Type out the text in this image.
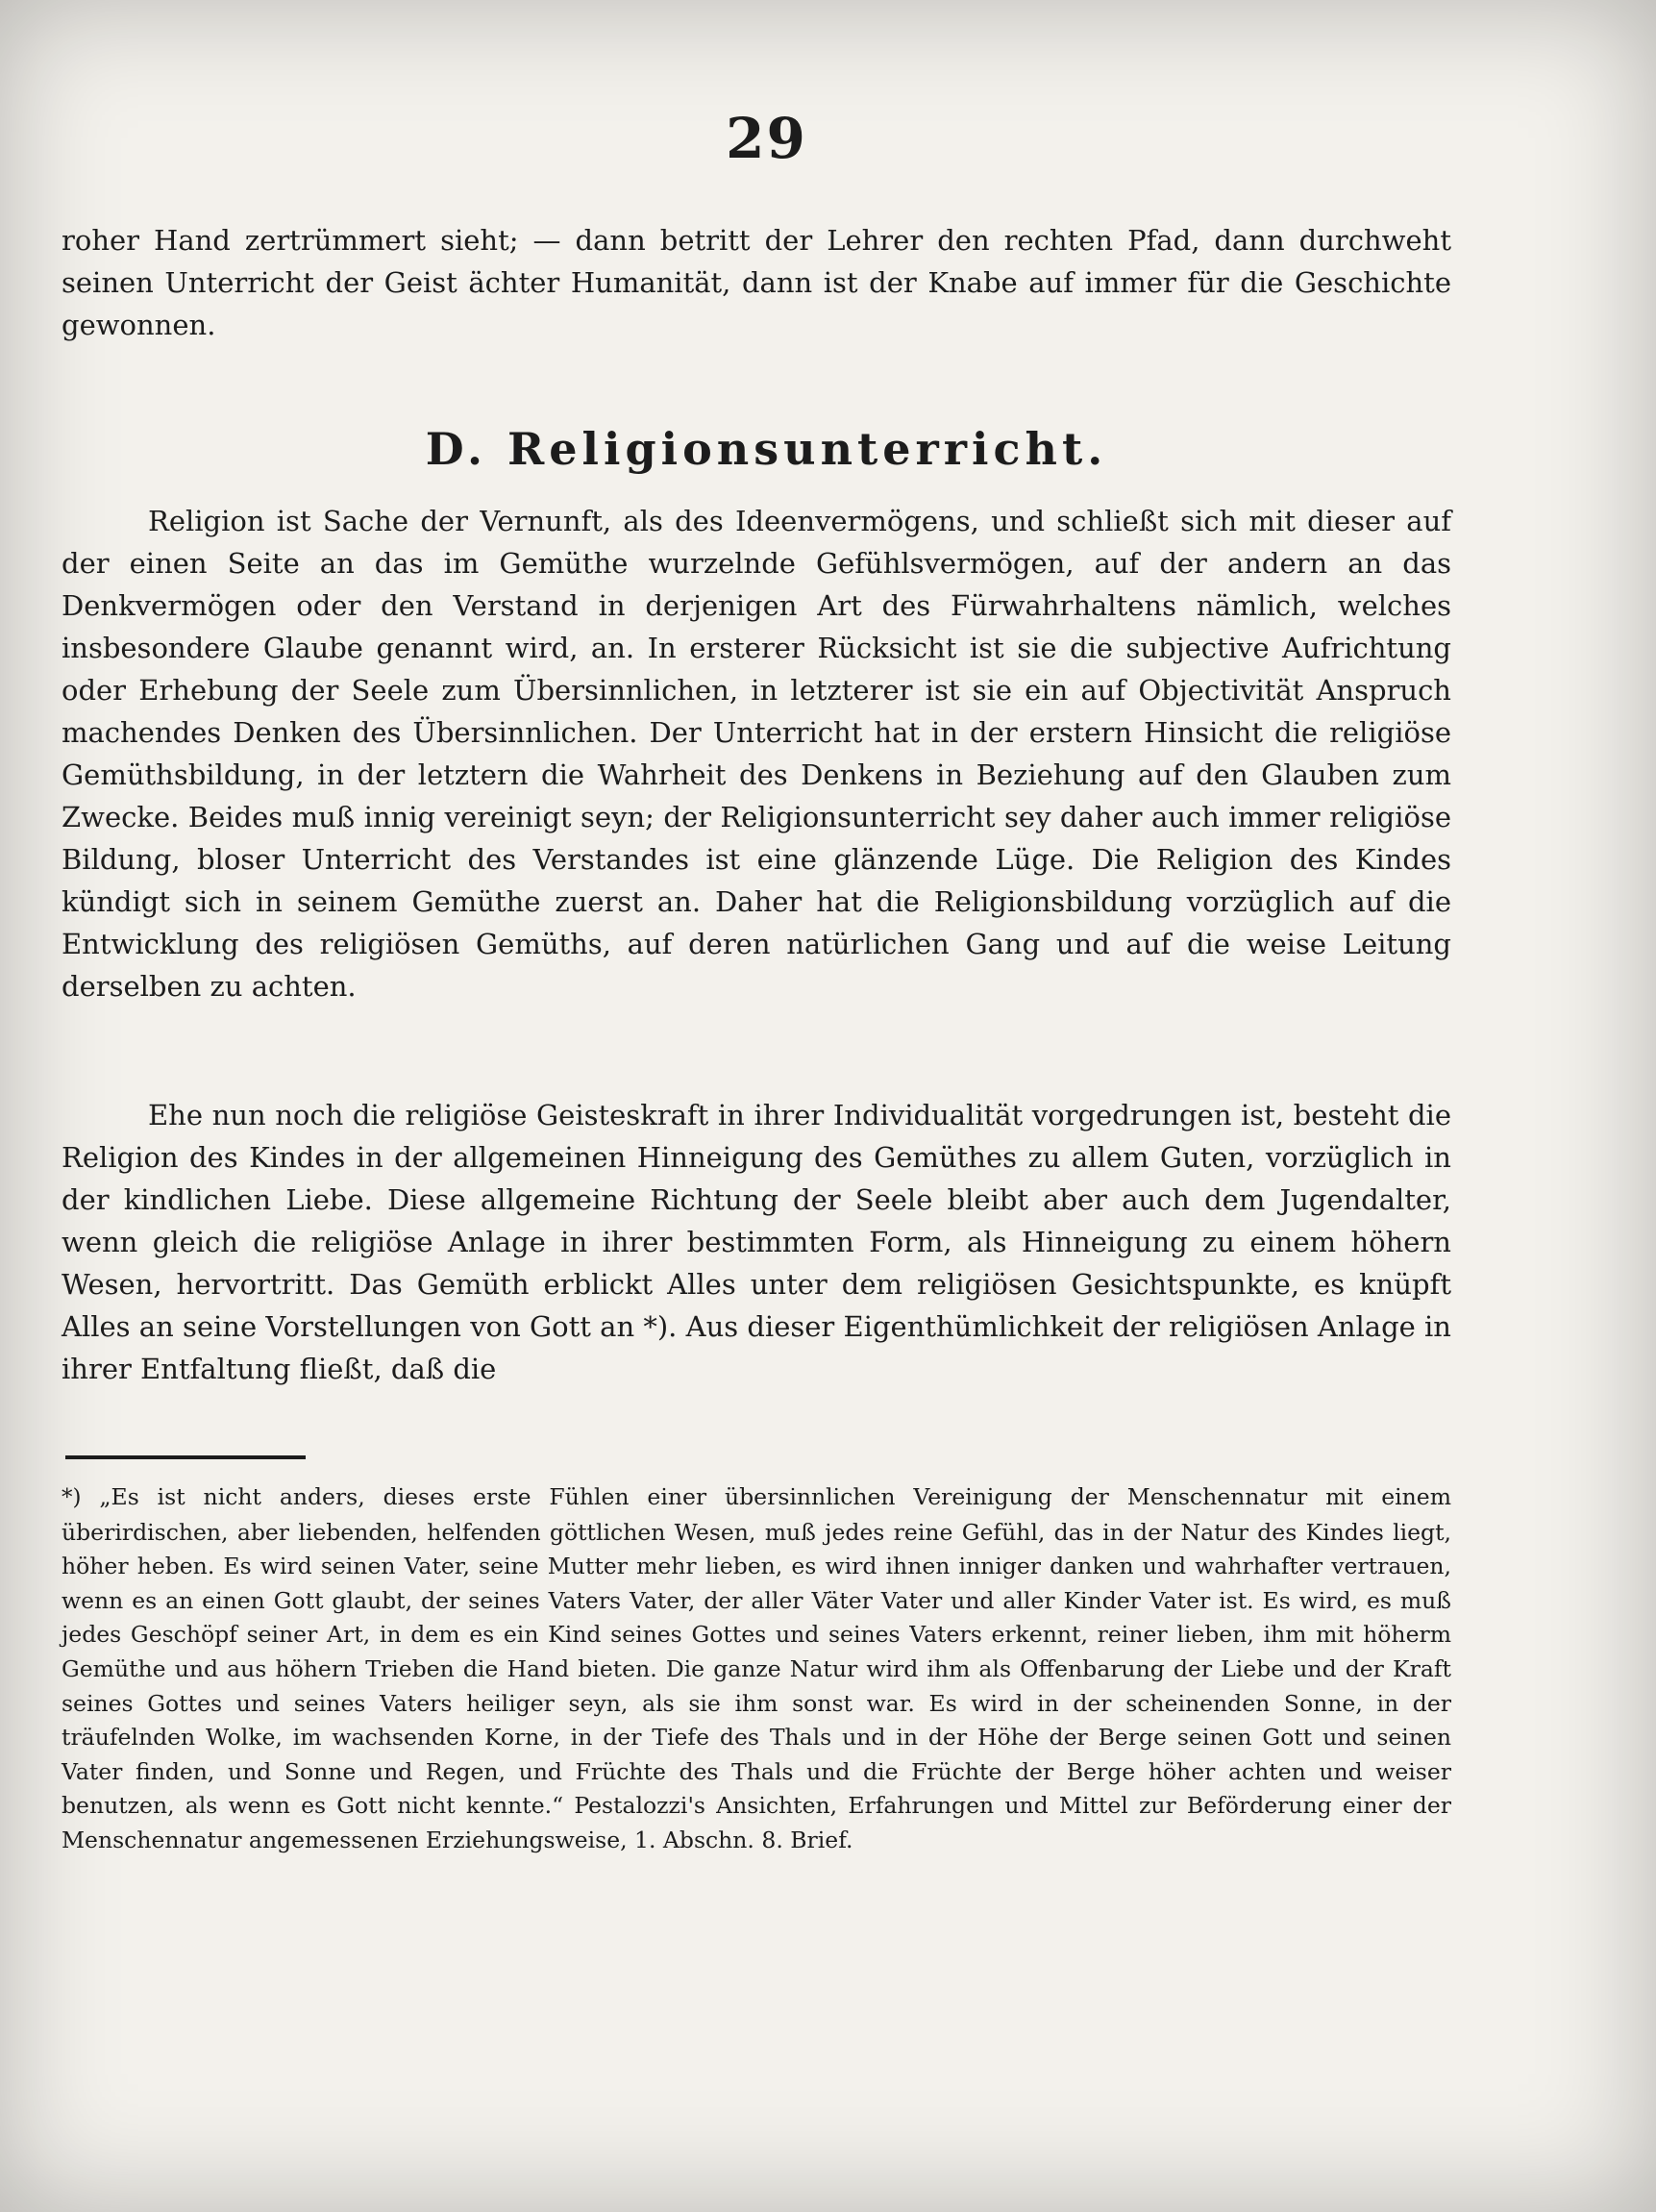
29

roher Hand zertrümmert sieht; — dann betritt der Lehrer den rechten Pfad, dann durchweht seinen Unterricht der Geist ächter Humanität, dann ist der Knabe auf immer für die Geschichte gewonnen.

D. Religionsunterricht.

Religion ist Sache der Vernunft, als des Ideenvermögens, und schließt sich mit dieser auf der einen Seite an das im Gemüthe wurzelnde Gefühlsvermögen, auf der andern an das Denkvermögen oder den Verstand in derjenigen Art des Fürwahrhaltens nämlich, welches insbesondere Glaube genannt wird, an. In ersterer Rücksicht ist sie die subjective Aufrichtung oder Erhebung der Seele zum Übersinnlichen, in letzterer ist sie ein auf Objectivität Anspruch machendes Denken des Übersinnlichen. Der Unterricht hat in der erstern Hinsicht die religiöse Gemüthsbildung, in der letztern die Wahrheit des Denkens in Beziehung auf den Glauben zum Zwecke. Beides muß innig vereinigt seyn; der Religionsunterricht sey daher auch immer religiöse Bildung, bloser Unterricht des Verstandes ist eine glänzende Lüge. Die Religion des Kindes kündigt sich in seinem Gemüthe zuerst an. Daher hat die Religionsbildung vorzüglich auf die Entwicklung des religiösen Gemüths, auf deren natürlichen Gang und auf die weise Leitung derselben zu achten.

Ehe nun noch die religiöse Geisteskraft in ihrer Individualität vorgedrungen ist, besteht die Religion des Kindes in der allgemeinen Hinneigung des Gemüthes zu allem Guten, vorzüglich in der kindlichen Liebe. Diese allgemeine Richtung der Seele bleibt aber auch dem Jugendalter, wenn gleich die religiöse Anlage in ihrer bestimmten Form, als Hinneigung zu einem höhern Wesen, hervortritt. Das Gemüth erblickt Alles unter dem religiösen Gesichtspunkte, es knüpft Alles an seine Vorstellungen von Gott an *). Aus dieser Eigenthümlichkeit der religiösen Anlage in ihrer Entfaltung fließt, daß die

*) „Es ist nicht anders, dieses erste Fühlen einer übersinnlichen Vereinigung der Menschennatur mit einem überirdischen, aber liebenden, helfenden göttlichen Wesen, muß jedes reine Gefühl, das in der Natur des Kindes liegt, höher heben. Es wird seinen Vater, seine Mutter mehr lieben, es wird ihnen inniger danken und wahrhafter vertrauen, wenn es an einen Gott glaubt, der seines Vaters Vater, der aller Väter Vater und aller Kinder Vater ist. Es wird, es muß jedes Geschöpf seiner Art, in dem es ein Kind seines Gottes und seines Vaters erkennt, reiner lieben, ihm mit höherm Gemüthe und aus höhern Trieben die Hand bieten. Die ganze Natur wird ihm als Offenbarung der Liebe und der Kraft seines Gottes und seines Vaters heiliger seyn, als sie ihm sonst war. Es wird in der scheinenden Sonne, in der träufelnden Wolke, im wachsenden Korne, in der Tiefe des Thals und in der Höhe der Berge seinen Gott und seinen Vater finden, und Sonne und Regen, und Früchte des Thals und die Früchte der Berge höher achten und weiser benutzen, als wenn es Gott nicht kennte.“ Pestalozzi's Ansichten, Erfahrungen und Mittel zur Beförderung einer der Menschennatur angemessenen Erziehungsweise, 1. Abschn. 8. Brief.
